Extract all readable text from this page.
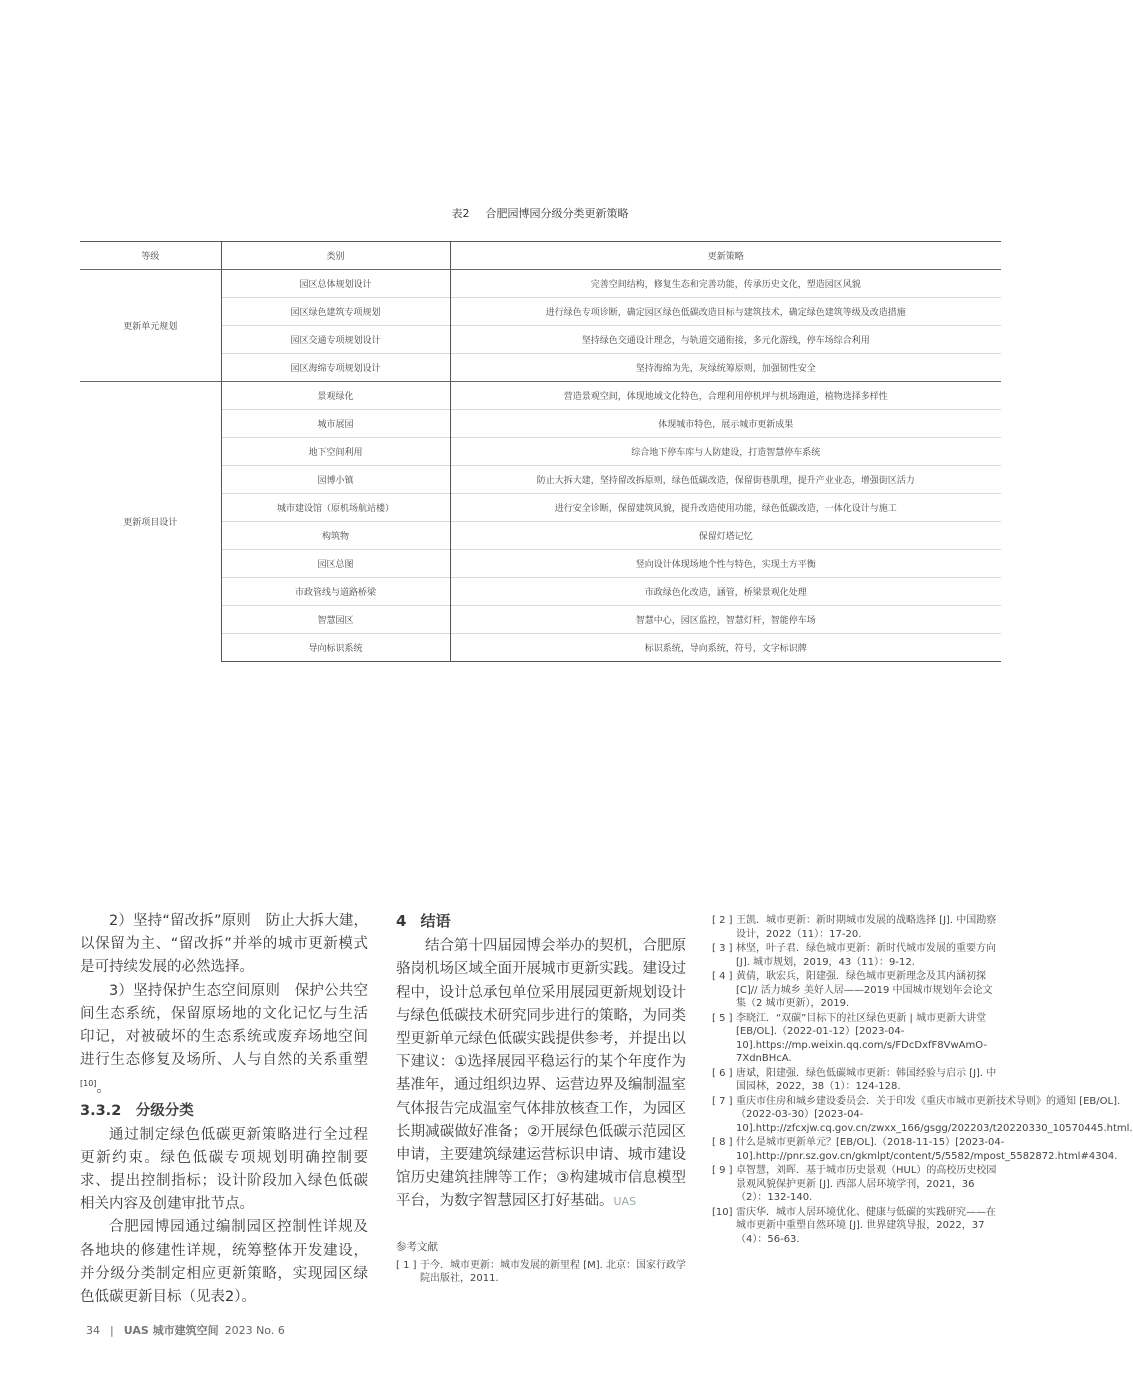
表2 合肥园博园分级分类更新策略
等级	类别	更新策略
更新单元规划	园区总体规划设计	完善空间结构，修复生态和完善功能，传承历史文化，塑造园区风貌
	园区绿色建筑专项规划	进行绿色专项诊断，确定园区绿色低碳改造目标与建筑技术，确定绿色建筑等级及改造措施
	园区交通专项规划设计	坚持绿色交通设计理念，与轨道交通衔接，多元化游线，停车场综合利用
	园区海绵专项规划设计	坚持海绵为先，灰绿统筹原则，加强韧性安全
更新项目设计	景观绿化	营造景观空间，体现地域文化特色，合理利用停机坪与机场跑道，植物选择多样性
	城市展园	体现城市特色，展示城市更新成果
	地下空间利用	综合地下停车库与人防建设，打造智慧停车系统
	园博小镇	防止大拆大建，坚持留改拆原则，绿色低碳改造，保留街巷肌理，提升产业业态，增强街区活力
	城市建设馆（原机场航站楼）	进行安全诊断，保留建筑风貌，提升改造使用功能，绿色低碳改造，一体化设计与施工
	构筑物	保留灯塔记忆
	园区总图	竖向设计体现场地个性与特色，实现土方平衡
	市政管线与道路桥梁	市政绿色化改造，涵管，桥梁景观化处理
	智慧园区	智慧中心，园区监控，智慧灯杆，智能停车场
	导向标识系统	标识系统，导向系统，符号，文字标识牌

2）坚持“留改拆”原则　防止大拆大建，以保留为主、“留改拆”并举的城市更新模式是可持续发展的必然选择。

3）坚持保护生态空间原则　保护公共空间生态系统，保留原场地的文化记忆与生活印记，对被破坏的生态系统或废弃场地空间进行生态修复及场所、人与自然的关系重塑[10]。

3.3.2　分级分类

通过制定绿色低碳更新策略进行全过程更新约束。绿色低碳专项规划明确控制要求、提出控制指标；设计阶段加入绿色低碳相关内容及创建审批节点。

合肥园博园通过编制园区控制性详规及各地块的修建性详规，统筹整体开发建设，并分级分类制定相应更新策略，实现园区绿色低碳更新目标（见表2）。

4 结语

结合第十四届园博会举办的契机，合肥原骆岗机场区域全面开展城市更新实践。建设过程中，设计总承包单位采用展园更新规划设计与绿色低碳技术研究同步进行的策略，为同类型更新单元绿色低碳实践提供参考，并提出以下建议：①选择展园平稳运行的某个年度作为基准年，通过组织边界、运营边界及编制温室气体报告完成温室气体排放核查工作，为园区长期减碳做好准备；②开展绿色低碳示范园区申请，主要建筑绿建运营标识申请、城市建设馆历史建筑挂牌等工作；③构建城市信息模型平台，为数字智慧园区打好基础。UAS

参考文献
[ 1 ] 于今．城市更新：城市发展的新里程 [M]. 北京：国家行政学院出版社，2011.
[ 2 ] 王凯．城市更新：新时期城市发展的战略选择 [J]. 中国勘察设计，2022（11）：17-20.
[ 3 ] 林坚，叶子君．绿色城市更新：新时代城市发展的重要方向 [J]. 城市规划，2019，43（11）：9-12.
[ 4 ] 黄倩，耿宏兵，阳建强．绿色城市更新理念及其内涵初探 [C]// 活力城乡 美好人居——2019 中国城市规划年会论文集（2 城市更新），2019.
[ 5 ] 李晓江．“双碳”目标下的社区绿色更新 | 城市更新大讲堂 [EB/OL].（2022-01-12）[2023-04-10].https://mp.weixin.qq.com/s/FDcDxfF8VwAmO-7XdnBHcA.
[ 6 ] 唐斌，阳建强．绿色低碳城市更新：韩国经验与启示 [J]. 中国园林，2022，38（1）：124-128.
[ 7 ] 重庆市住房和城乡建设委员会．关于印发《重庆市城市更新技术导则》的通知 [EB/OL].（2022-03-30）[2023-04-10].http://zfcxjw.cq.gov.cn/zwxx_166/gsgg/202203/t20220330_10570445.html.
[ 8 ] 什么是城市更新单元？[EB/OL].（2018-11-15）[2023-04-10].http://pnr.sz.gov.cn/gkmlpt/content/5/5582/mpost_5582872.html#4304.
[ 9 ] 卓智慧，刘晖．基于城市历史景观（HUL）的高校历史校园景观风貌保护更新 [J]. 西部人居环境学刊，2021，36（2）：132-140.
[10] 雷庆华．城市人居环境优化、健康与低碳的实践研究——在城市更新中重塑自然环境 [J]. 世界建筑导报，2022，37（4）：56-63.
34 | UAS 城市建筑空间 2023 No. 6
